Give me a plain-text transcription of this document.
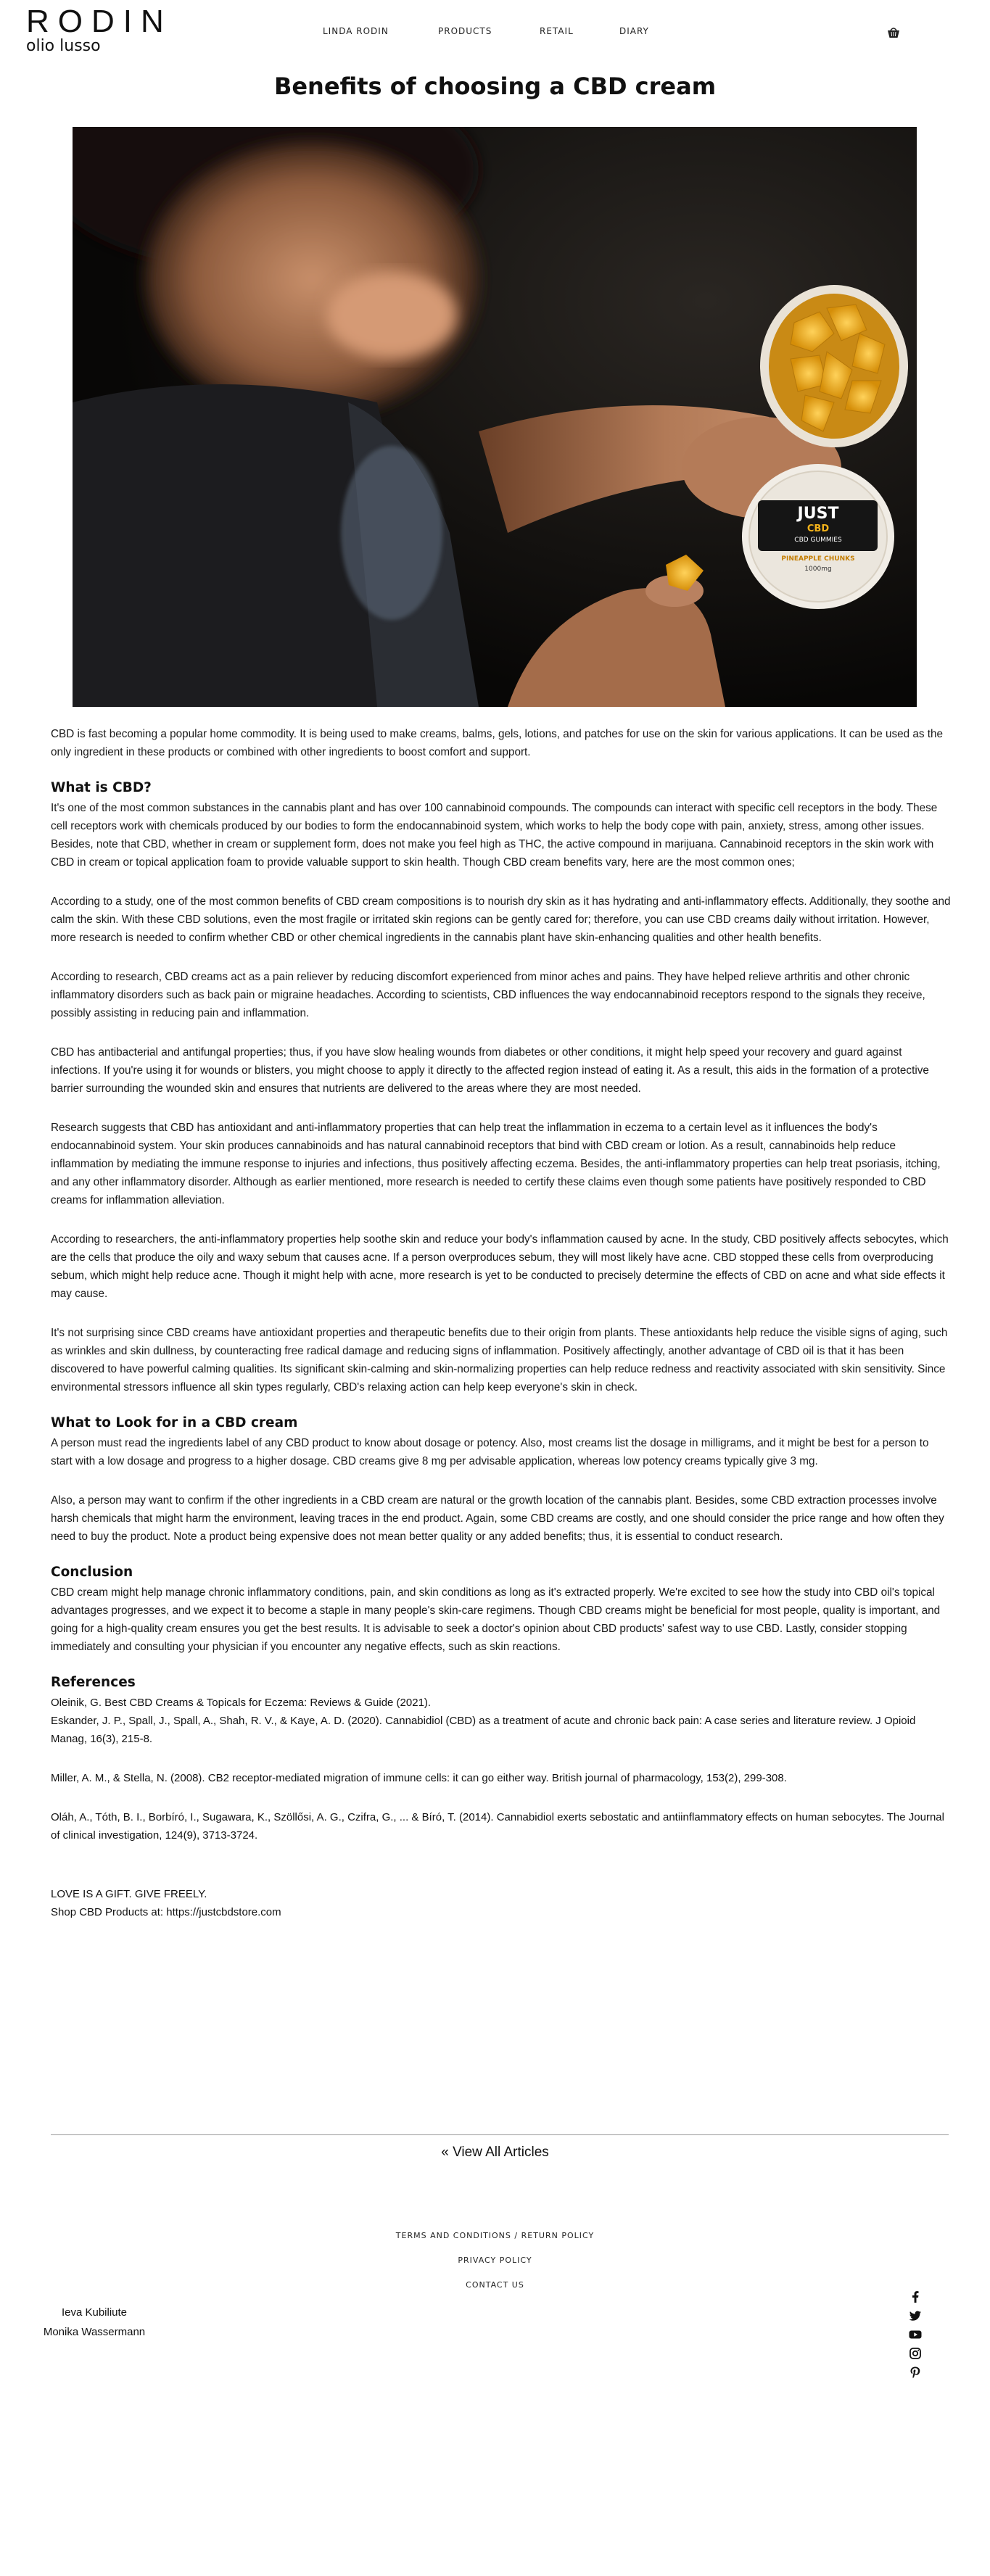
RODIN
olio lusso
LINDA RODIN	PRODUCTS	RETAIL	DIARY
Benefits of choosing a CBD cream
JUST
CBD
CBD GUMMIES
PINEAPPLE CHUNKS
1000mg

CBD is fast becoming a popular home commodity. It is being used to make creams, balms, gels, lotions, and patches for use on the skin for various applications. It can be used as the only ingredient in these products or combined with other ingredients to boost comfort and support.

What is CBD?

It's one of the most common substances in the cannabis plant and has over 100 cannabinoid compounds. The compounds can interact with specific cell receptors in the body. These cell receptors work with chemicals produced by our bodies to form the endocannabinoid system, which works to help the body cope with pain, anxiety, stress, among other issues. Besides, note that CBD, whether in cream or supplement form, does not make you feel high as THC, the active compound in marijuana. Cannabinoid receptors in the skin work with CBD in cream or topical application foam to provide valuable support to skin health. Though CBD cream benefits vary, here are the most common ones;

According to a study, one of the most common benefits of CBD cream compositions is to nourish dry skin as it has hydrating and anti-inflammatory effects. Additionally, they soothe and calm the skin. With these CBD solutions, even the most fragile or irritated skin regions can be gently cared for; therefore, you can use CBD creams daily without irritation. However, more research is needed to confirm whether CBD or other chemical ingredients in the cannabis plant have skin-enhancing qualities and other health benefits.

According to research, CBD creams act as a pain reliever by reducing discomfort experienced from minor aches and pains. They have helped relieve arthritis and other chronic inflammatory disorders such as back pain or migraine headaches. According to scientists, CBD influences the way endocannabinoid receptors respond to the signals they receive, possibly assisting in reducing pain and inflammation.

CBD has antibacterial and antifungal properties; thus, if you have slow healing wounds from diabetes or other conditions, it might help speed your recovery and guard against infections. If you're using it for wounds or blisters, you might choose to apply it directly to the affected region instead of eating it. As a result, this aids in the formation of a protective barrier surrounding the wounded skin and ensures that nutrients are delivered to the areas where they are most needed.

Research suggests that CBD has antioxidant and anti-inflammatory properties that can help treat the inflammation in eczema to a certain level as it influences the body's endocannabinoid system. Your skin produces cannabinoids and has natural cannabinoid receptors that bind with CBD cream or lotion. As a result, cannabinoids help reduce inflammation by mediating the immune response to injuries and infections, thus positively affecting eczema. Besides, the anti-inflammatory properties can help treat psoriasis, itching, and any other inflammatory disorder. Although as earlier mentioned, more research is needed to certify these claims even though some patients have positively responded to CBD creams for inflammation alleviation.

According to researchers, the anti-inflammatory properties help soothe skin and reduce your body's inflammation caused by acne. In the study, CBD positively affects sebocytes, which are the cells that produce the oily and waxy sebum that causes acne. If a person overproduces sebum, they will most likely have acne. CBD stopped these cells from overproducing sebum, which might help reduce acne. Though it might help with acne, more research is yet to be conducted to precisely determine the effects of CBD on acne and what side effects it may cause.

It's not surprising since CBD creams have antioxidant properties and therapeutic benefits due to their origin from plants. These antioxidants help reduce the visible signs of aging, such as wrinkles and skin dullness, by counteracting free radical damage and reducing signs of inflammation. Positively affectingly, another advantage of CBD oil is that it has been discovered to have powerful calming qualities. Its significant skin-calming and skin-normalizing properties can help reduce redness and reactivity associated with skin sensitivity. Since environmental stressors influence all skin types regularly, CBD's relaxing action can help keep everyone's skin in check.

What to Look for in a CBD cream

A person must read the ingredients label of any CBD product to know about dosage or potency. Also, most creams list the dosage in milligrams, and it might be best for a person to start with a low dosage and progress to a higher dosage. CBD creams give 8 mg per advisable application, whereas low potency creams typically give 3 mg.

Also, a person may want to confirm if the other ingredients in a CBD cream are natural or the growth location of the cannabis plant. Besides, some CBD extraction processes involve harsh chemicals that might harm the environment, leaving traces in the end product. Again, some CBD creams are costly, and one should consider the price range and how often they need to buy the product. Note a product being expensive does not mean better quality or any added benefits; thus, it is essential to conduct research.

Conclusion

CBD cream might help manage chronic inflammatory conditions, pain, and skin conditions as long as it's extracted properly. We're excited to see how the study into CBD oil's topical advantages progresses, and we expect it to become a staple in many people's skin-care regimens. Though CBD creams might be beneficial for most people, quality is important, and going for a high-quality cream ensures you get the best results. It is advisable to seek a doctor's opinion about CBD products' safest way to use CBD. Lastly, consider stopping immediately and consulting your physician if you encounter any negative effects, such as skin reactions.

References

Oleinik, G. Best CBD Creams & Topicals for Eczema: Reviews & Guide (2021).

Eskander, J. P., Spall, J., Spall, A., Shah, R. V., & Kaye, A. D. (2020). Cannabidiol (CBD) as a treatment of acute and chronic back pain: A case series and literature review. J Opioid Manag, 16(3), 215-8.

Miller, A. M., & Stella, N. (2008). CB2 receptor‐mediated migration of immune cells: it can go either way. British journal of pharmacology, 153(2), 299-308.

Oláh, A., Tóth, B. I., Borbíró, I., Sugawara, K., Szöllősi, A. G., Czifra, G., ... & Bíró, T. (2014). Cannabidiol exerts sebostatic and antiinflammatory effects on human sebocytes. The Journal of clinical investigation, 124(9), 3713-3724.

LOVE IS A GIFT. GIVE FREELY.

Shop CBD Products at: https://justcbdstore.com

« View All Articles
TERMS AND CONDITIONS / RETURN POLICY
PRIVACY POLICY
CONTACT US
Ieva Kubiliute
Monika Wassermann
